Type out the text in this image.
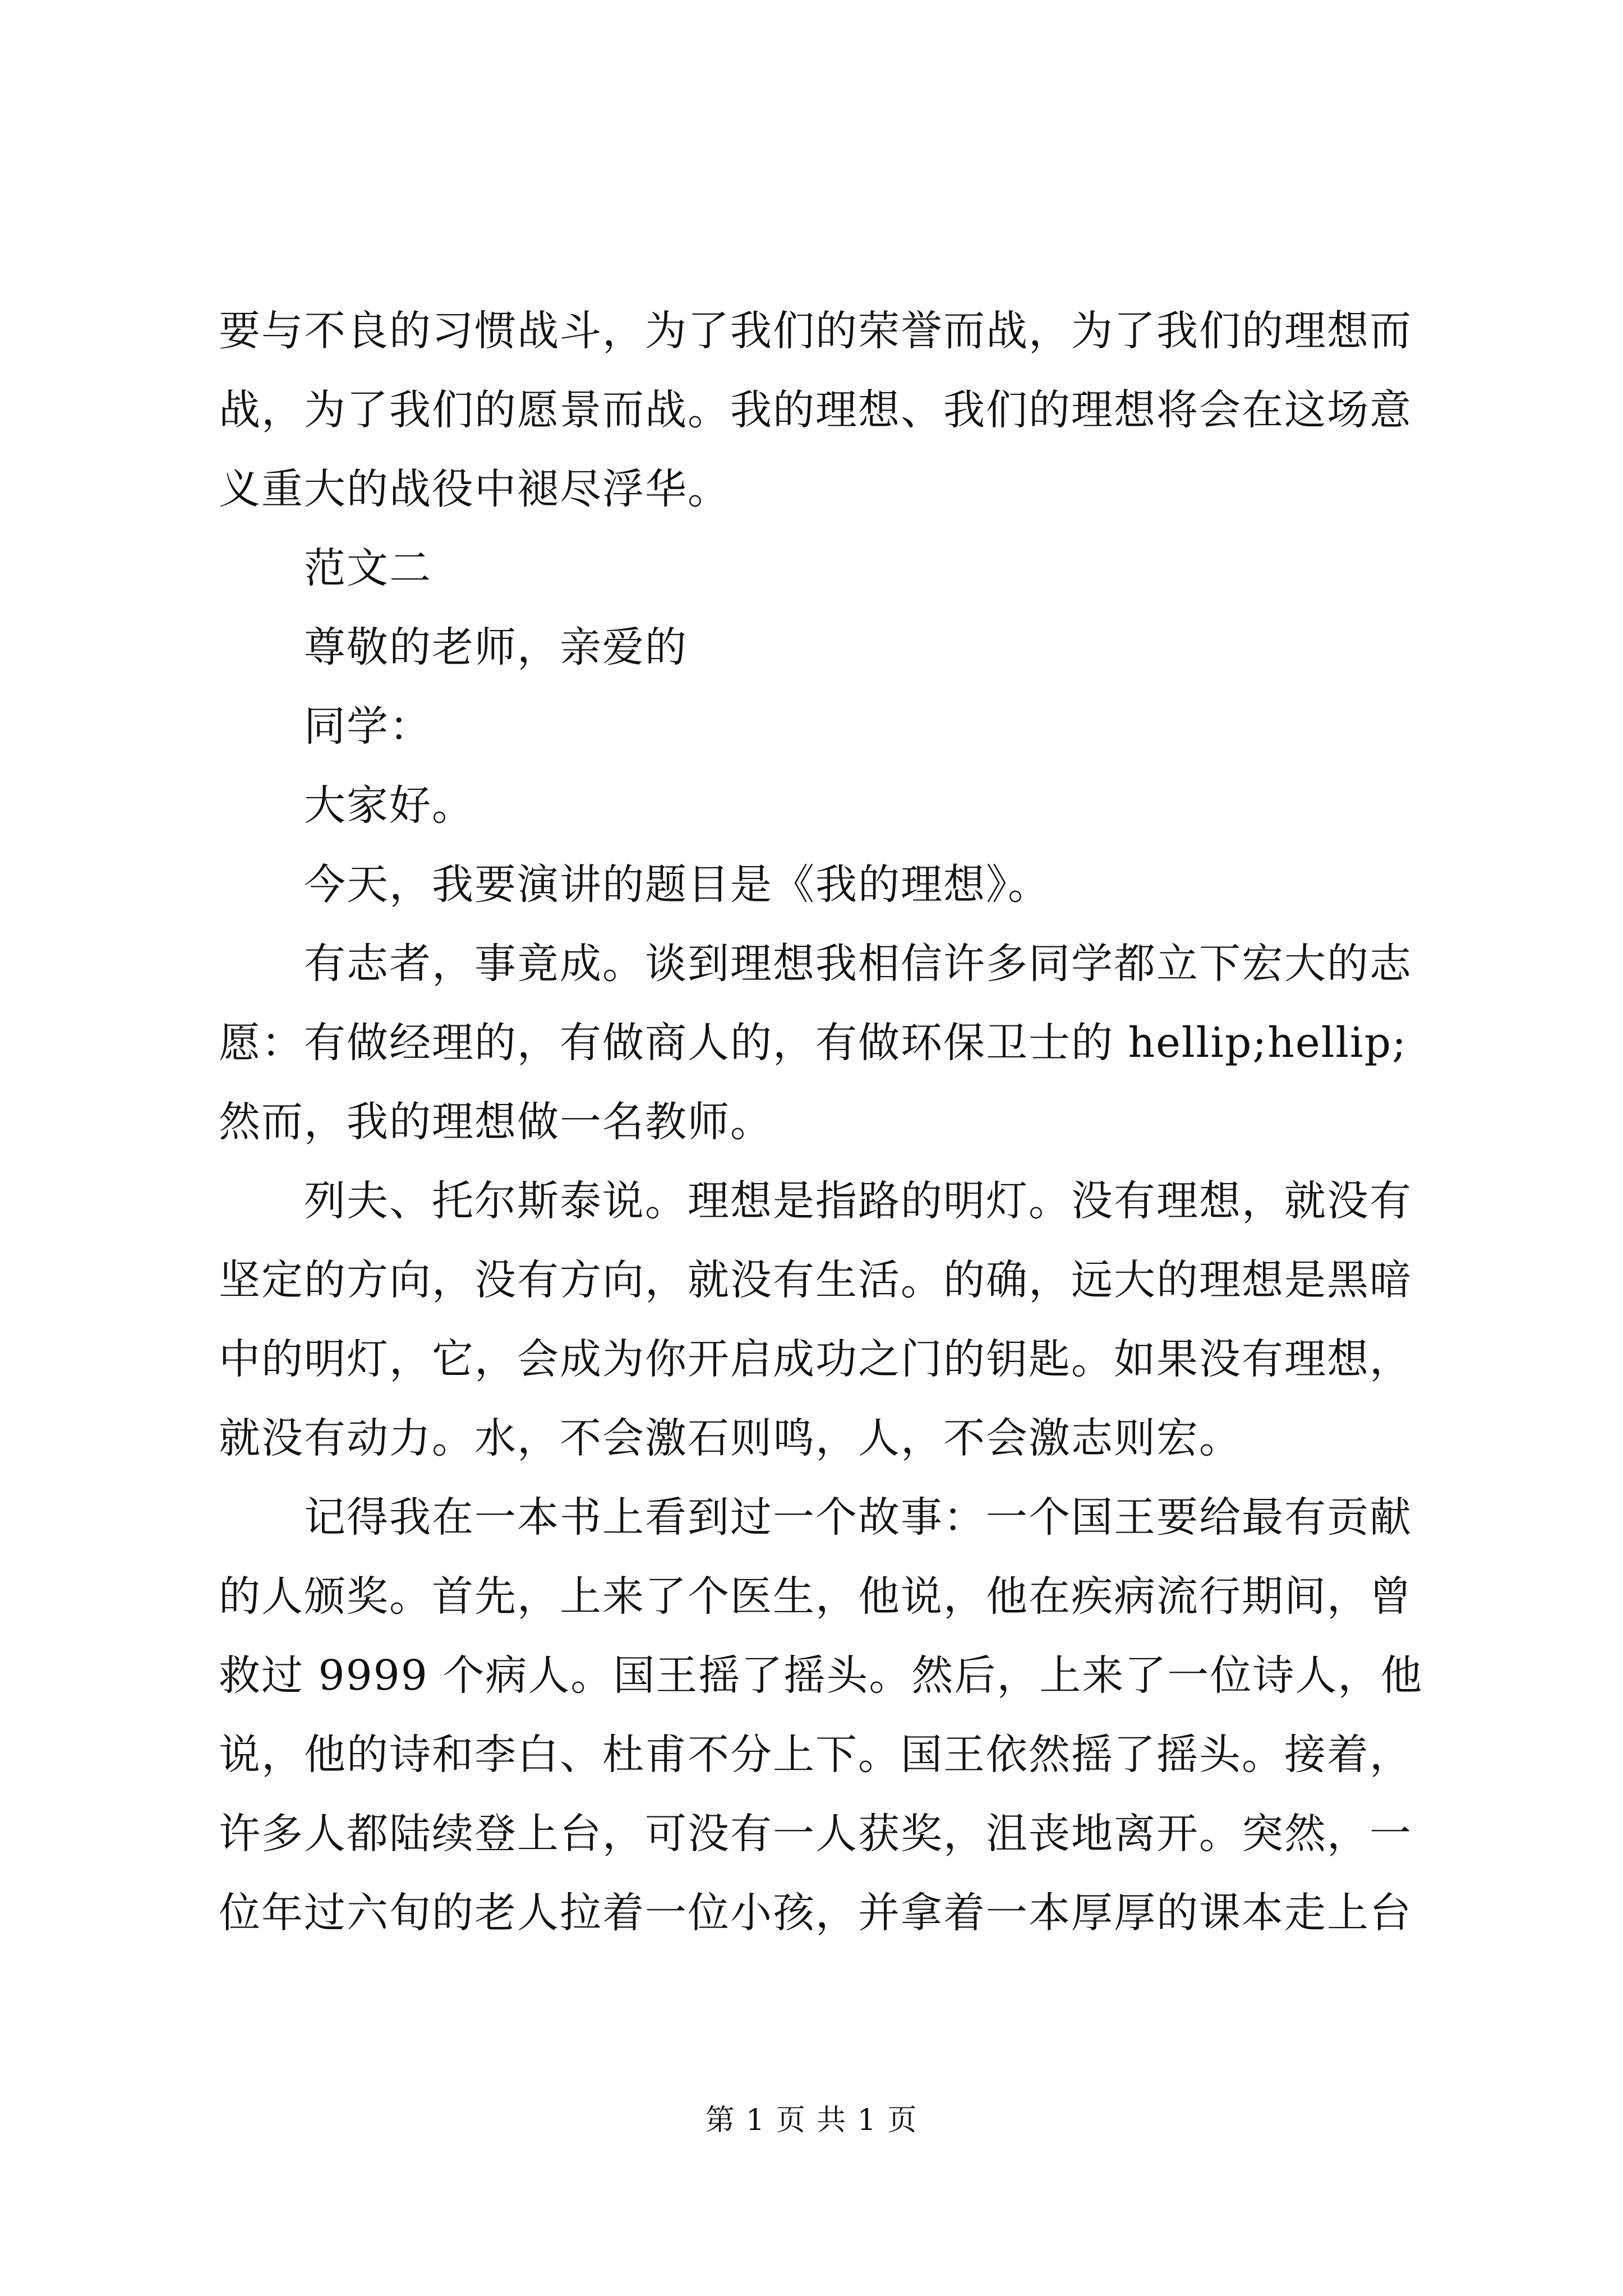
要与不良的习惯战斗，为了我们的荣誉而战，为了我们的理想而
战，为了我们的愿景而战。我的理想、我们的理想将会在这场意
义重大的战役中褪尽浮华。
范文二
尊敬的老师，亲爱的
同学：
大家好。
今天，我要演讲的题目是《我的理想》。
有志者，事竟成。谈到理想我相信许多同学都立下宏大的志
愿：有做经理的，有做商人的，有做环保卫士的 hellip;hellip;
然而，我的理想做一名教师。
列夫、托尔斯泰说。理想是指路的明灯。没有理想，就没有
坚定的方向，没有方向，就没有生活。的确，远大的理想是黑暗
中的明灯，它，会成为你开启成功之门的钥匙。如果没有理想，
就没有动力。水，不会激石则鸣，人，不会激志则宏。
记得我在一本书上看到过一个故事：一个国王要给最有贡献
的人颁奖。首先，上来了个医生，他说，他在疾病流行期间，曾
救过 9999 个病人。国王摇了摇头。然后，上来了一位诗人，他
说，他的诗和李白、杜甫不分上下。国王依然摇了摇头。接着，
许多人都陆续登上台，可没有一人获奖，沮丧地离开。突然，一
位年过六旬的老人拉着一位小孩，并拿着一本厚厚的课本走上台
第 1 页 共 1 页
